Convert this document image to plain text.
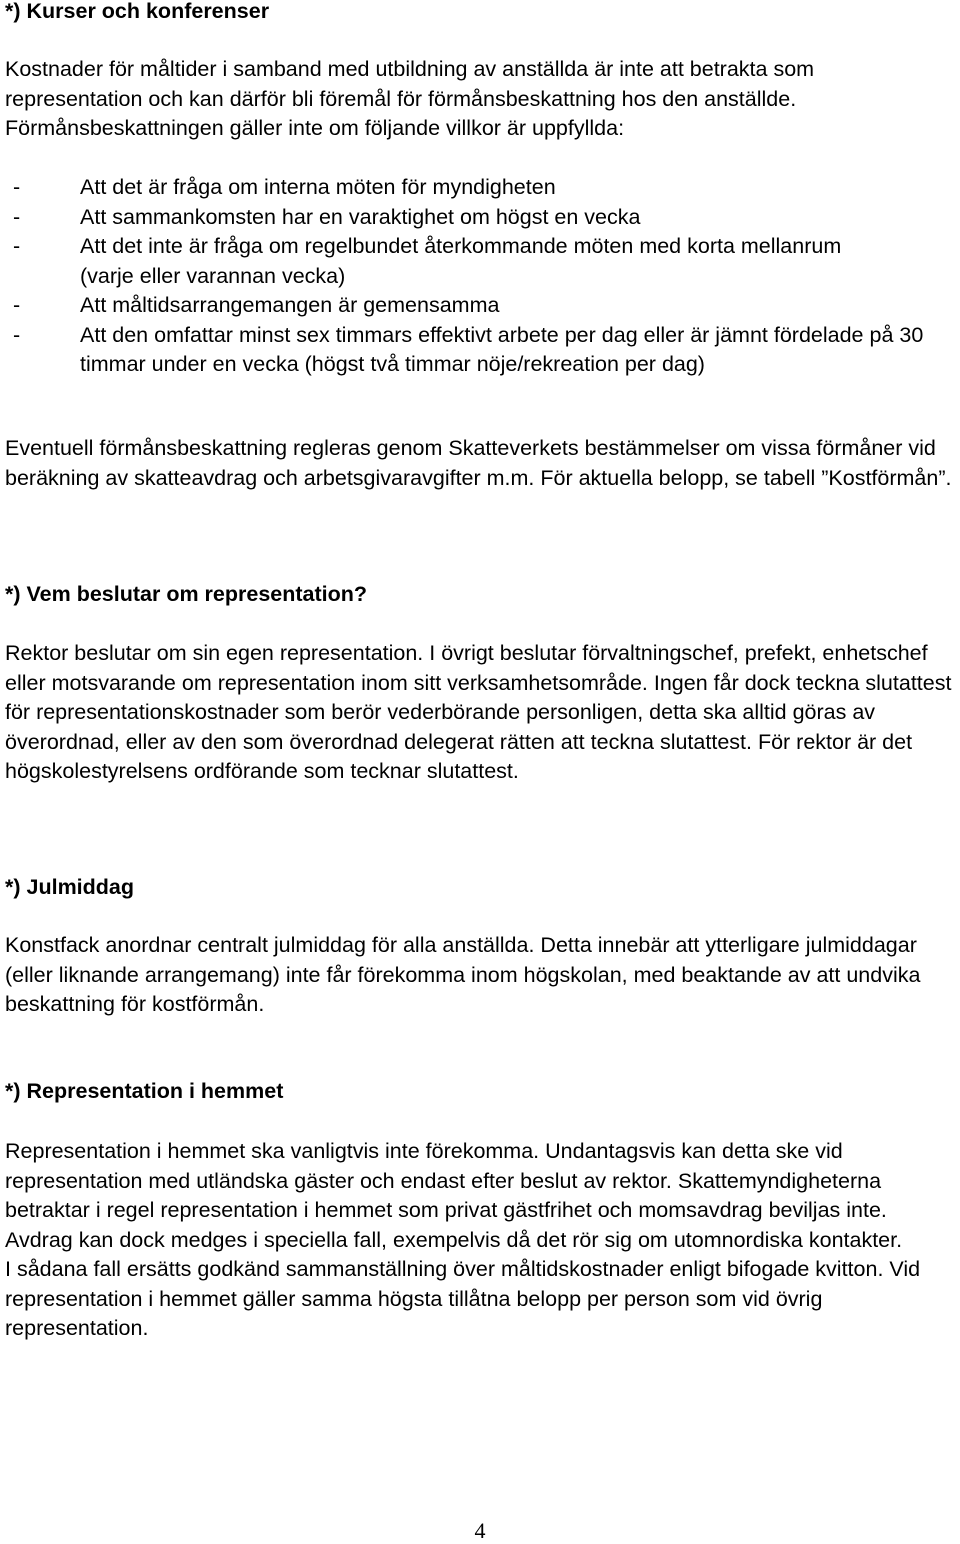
*) Kurser och konferenser

Kostnader för måltider i samband med utbildning av anställda är inte att betrakta som representation och kan därför bli föremål för förmånsbeskattning hos den anställde. Förmånsbeskattningen gäller inte om följande villkor är uppfyllda:

-	Att det är fråga om interna möten för myndigheten
-	Att sammankomsten har en varaktighet om högst en vecka
-	Att det inte är fråga om regelbundet återkommande möten med korta mellanrum (varje eller varannan vecka)
-	Att måltidsarrangemangen är gemensamma
-	Att den omfattar minst sex timmars effektivt arbete per dag eller är jämnt fördelade på 30 timmar under en vecka (högst två timmar nöje/rekreation per dag)

Eventuell förmånsbeskattning regleras genom Skatteverkets bestämmelser om vissa förmåner vid beräkning av skatteavdrag och arbetsgivaravgifter m.m. För aktuella belopp, se tabell ”Kostförmån”.

*) Vem beslutar om representation?

Rektor beslutar om sin egen representation. I övrigt beslutar förvaltningschef, prefekt, enhetschef eller motsvarande om representation inom sitt verksamhetsområde. Ingen får dock teckna slutattest för representationskostnader som berör vederbörande personligen, detta ska alltid göras av överordnad, eller av den som överordnad delegerat rätten att teckna slutattest. För rektor är det högskolestyrelsens ordförande som tecknar slutattest.

*) Julmiddag

Konstfack anordnar centralt julmiddag för alla anställda. Detta innebär att ytterligare julmiddagar (eller liknande arrangemang) inte får förekomma inom högskolan, med beaktande av att undvika beskattning för kostförmån.

*) Representation i hemmet

Representation i hemmet ska vanligtvis inte förekomma. Undantagsvis kan detta ske vid representation med utländska gäster och endast efter beslut av rektor. Skattemyndigheterna betraktar i regel representation i hemmet som privat gästfrihet och momsavdrag beviljas inte. Avdrag kan dock medges i speciella fall, exempelvis då det rör sig om utomnordiska kontakter.

I sådana fall ersätts godkänd sammanställning över måltidskostnader enligt bifogade kvitton. Vid representation i hemmet gäller samma högsta tillåtna belopp per person som vid övrig representation.

4
